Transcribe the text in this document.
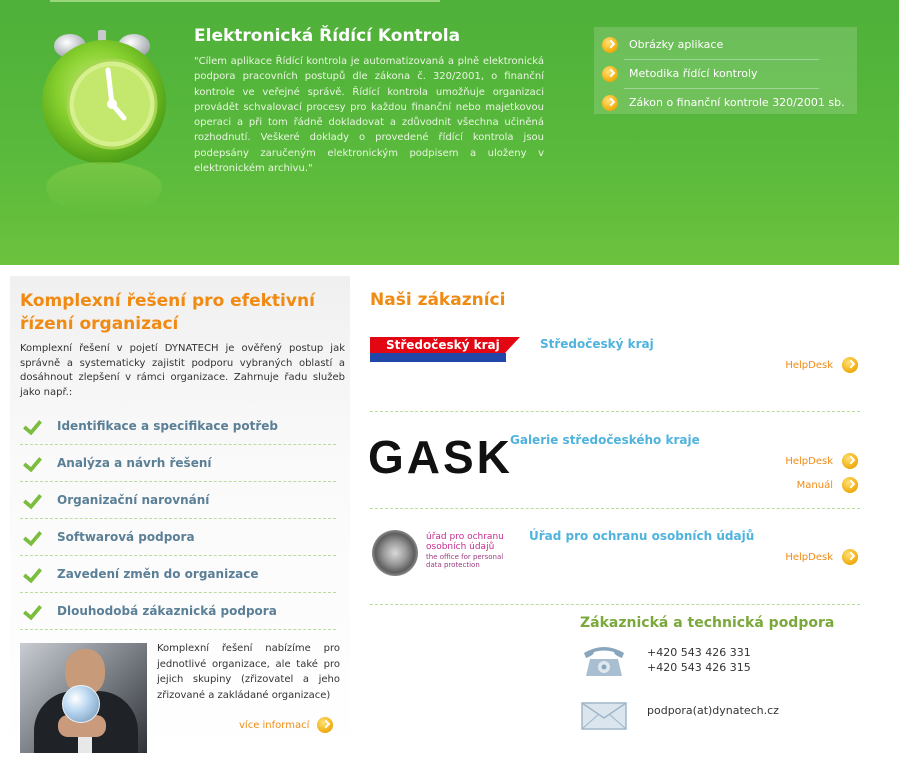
Elektronická Řídící Kontrola

"Cílem aplikace Řídící kontrola je automatizovaná a plně elektronická podpora pracovních postupů dle zákona č. 320/2001, o finanční kontrole ve veřejné správě. Řídící kontrola umožňuje organizaci provádět schvalovací procesy pro každou finanční nebo majetkovou operaci a při tom řádně dokladovat a zdůvodnit všechna učiněná rozhodnutí. Veškeré doklady o provedené řídící kontrola jsou podepsány zaručeným elektronickým podpisem a uloženy v elektronickém archivu."

Obrázky aplikace
Metodika řídící kontroly
Zákon o finanční kontrole 320/2001 sb.
Komplexní řešení pro efektivní řízení organizací

Komplexní řešení v pojetí DYNATECH je ověřený postup jak správně a systematicky zajistit podporu vybraných oblastí a dosáhnout zlepšení v rámci organizace. Zahrnuje řadu služeb jako např.:

Identifikace a specifikace potřeb
Analýza a návrh řešení
Organizační narovnání
Softwarová podpora
Zavedení změn do organizace
Dlouhodobá zákaznická podpora

Komplexní řešení nabízíme pro jednotlivé organizace, ale také pro jejich skupiny (zřizovatel a jeho zřizované a zakládané organizace)

více informací
Naši zákazníci
Středočeský kraj	Středočeský kraj
HelpDesk
GASK
Galerie středočeského kraje
HelpDesk
Manuál
úřad pro ochranu
osobních údajů
the office for personal
data protection
Úřad pro ochranu osobních údajů
HelpDesk
Zákaznická a technická podpora
+420 543 426 331
+420 543 426 315
podpora(at)dynatech.cz
